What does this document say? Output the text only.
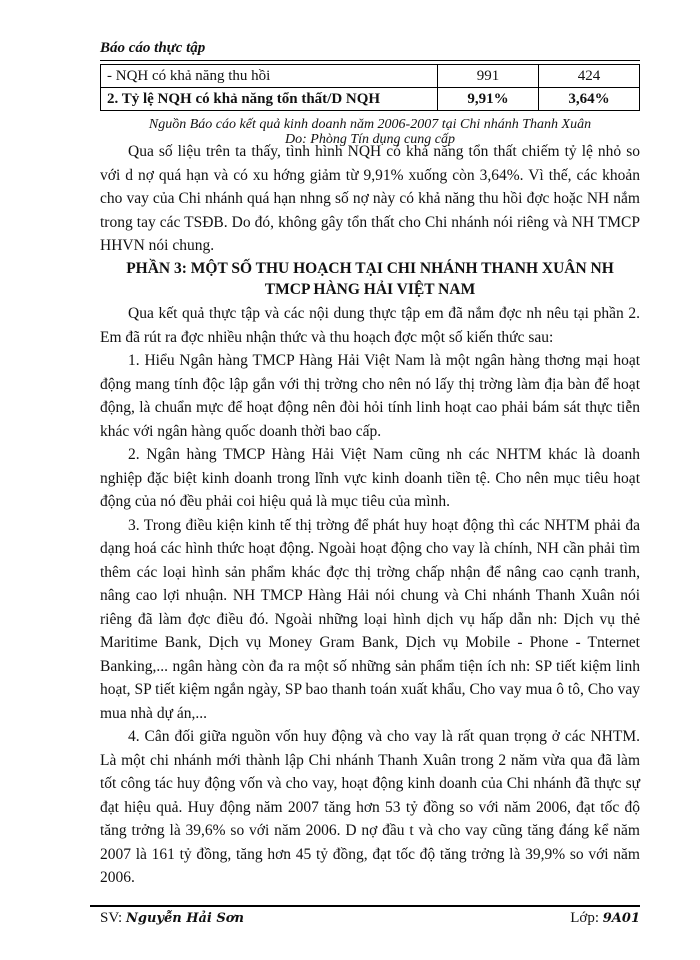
Báo cáo thực tập
- NQH có khả năng thu hồi	991	424
2. Tỷ lệ NQH có khả năng tổn thất/D NQH	9,91%	3,64%
Nguồn Báo cáo kết quả kinh doanh năm 2006-2007 tại Chi nhánh Thanh Xuân
Do: Phòng Tín dụng cung cấp

Qua số liệu trên ta thấy, tình hình NQH có khả năng tổn thất chiếm tỷ lệ nhỏ so với d nợ quá hạn và có xu hớng giảm từ 9,91% xuống còn 3,64%. Vì thế, các khoản cho vay của Chi nhánh quá hạn nhng số nợ này có khả năng thu hồi đợc hoặc NH nắm trong tay các TSĐB. Do đó, không gây tổn thất cho Chi nhánh nói riêng và NH TMCP HHVN nói chung.

PHẦN 3: MỘT SỐ THU HOẠCH TẠI CHI NHÁNH THANH XUÂN NH
TMCP HÀNG HẢI VIỆT NAM

Qua kết quả thực tập và các nội dung thực tập em đã nắm đợc nh nêu tại phần 2. Em đã rút ra đợc nhiều nhận thức và thu hoạch đợc một số kiến thức sau:

1. Hiểu Ngân hàng TMCP Hàng Hải Việt Nam là một ngân hàng thơng mại hoạt động mang tính độc lập gắn với thị trờng cho nên nó lấy thị trờng làm địa bàn để hoạt động, là chuẩn mực để hoạt động nên đòi hỏi tính linh hoạt cao phải bám sát thực tiễn khác với ngân hàng quốc doanh thời bao cấp.

2. Ngân hàng TMCP Hàng Hải Việt Nam cũng nh các NHTM khác là doanh nghiệp đặc biệt kinh doanh trong lĩnh vực kinh doanh tiền tệ. Cho nên mục tiêu hoạt động của nó đều phải coi hiệu quả là mục tiêu của mình.

3. Trong điều kiện kinh tế thị trờng để phát huy hoạt động thì các NHTM phải đa dạng hoá các hình thức hoạt động. Ngoài hoạt động cho vay là chính, NH cần phải tìm thêm các loại hình sản phẩm khác đợc thị trờng chấp nhận để nâng cao cạnh tranh, nâng cao lợi nhuận. NH TMCP Hàng Hải nói chung và Chi nhánh Thanh Xuân nói riêng đã làm đợc điều đó. Ngoài những loại hình dịch vụ hấp dẫn nh: Dịch vụ thẻ Maritime Bank, Dịch vụ Money Gram Bank, Dịch vụ Mobile - Phone - Tnternet Banking,... ngân hàng còn đa ra một số những sản phẩm tiện ích nh: SP tiết kiệm linh hoạt, SP tiết kiệm ngắn ngày, SP bao thanh toán xuất khẩu, Cho vay mua ô tô, Cho vay mua nhà dự án,...

4. Cân đối giữa nguồn vốn huy động và cho vay là rất quan trọng ở các NHTM. Là một chi nhánh mới thành lập Chi nhánh Thanh Xuân trong 2 năm vừa qua đã làm tốt công tác huy động vốn và cho vay, hoạt động kinh doanh của Chi nhánh đã thực sự đạt hiệu quả. Huy động năm 2007 tăng hơn 53 tỷ đồng so với năm 2006, đạt tốc độ tăng trởng là 39,6% so với năm 2006. D nợ đầu t và cho vay cũng tăng đáng kể năm 2007 là 161 tỷ đồng, tăng hơn 45 tỷ đồng, đạt tốc độ tăng trởng là 39,9% so với năm 2006.

SV: Nguyễn Hải Sơn	Lớp: 9A01
